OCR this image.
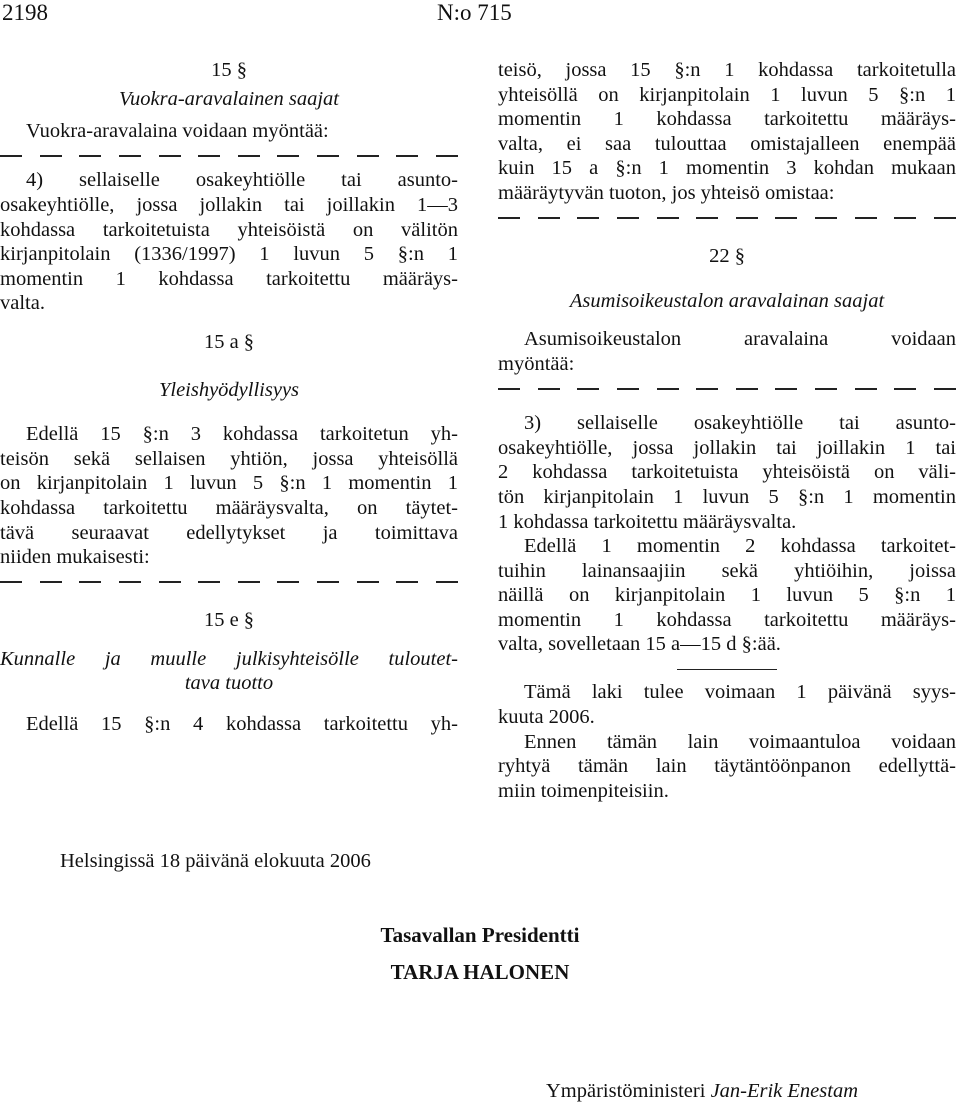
2198	N:o 715
15 §
Vuokra-aravalainen saajat
Vuokra-aravalaina voidaan myöntää:
4) sellaiselle osakeyhtiölle tai asunto-
osakeyhtiölle, jossa jollakin tai joillakin 1—3
kohdassa tarkoitetuista yhteisöistä on välitön
kirjanpitolain (1336/1997) 1 luvun 5 §:n 1
momentin 1 kohdassa tarkoitettu määräys-
valta.
15 a §
Yleishyödyllisyys
Edellä 15 §:n 3 kohdassa tarkoitetun yh-
teisön sekä sellaisen yhtiön, jossa yhteisöllä
on kirjanpitolain 1 luvun 5 §:n 1 momentin 1
kohdassa tarkoitettu määräysvalta, on täytet-
tävä seuraavat edellytykset ja toimittava
niiden mukaisesti:
15 e §
Kunnalle ja muulle julkisyhteisölle tuloutet-
tava tuotto
Edellä 15 §:n 4 kohdassa tarkoitettu yh-
teisö, jossa 15 §:n 1 kohdassa tarkoitetulla
yhteisöllä on kirjanpitolain 1 luvun 5 §:n 1
momentin 1 kohdassa tarkoitettu määräys-
valta, ei saa tulouttaa omistajalleen enempää
kuin 15 a §:n 1 momentin 3 kohdan mukaan
määräytyvän tuoton, jos yhteisö omistaa:
22 §
Asumisoikeustalon aravalainan saajat
Asumisoikeustalon aravalaina voidaan
myöntää:
3) sellaiselle osakeyhtiölle tai asunto-
osakeyhtiölle, jossa jollakin tai joillakin 1 tai
2 kohdassa tarkoitetuista yhteisöistä on väli-
tön kirjanpitolain 1 luvun 5 §:n 1 momentin
1 kohdassa tarkoitettu määräysvalta.
Edellä 1 momentin 2 kohdassa tarkoitet-
tuihin lainansaajiin sekä yhtiöihin, joissa
näillä on kirjanpitolain 1 luvun 5 §:n 1
momentin 1 kohdassa tarkoitettu määräys-
valta, sovelletaan 15 a—15 d §:ää.
Tämä laki tulee voimaan 1 päivänä syys-
kuuta 2006.
Ennen tämän lain voimaantuloa voidaan
ryhtyä tämän lain täytäntöönpanon edellyttä-
miin toimenpiteisiin.
Helsingissä 18 päivänä elokuuta 2006
Tasavallan Presidentti
TARJA HALONEN
Ympäristöministeri Jan-Erik Enestam
